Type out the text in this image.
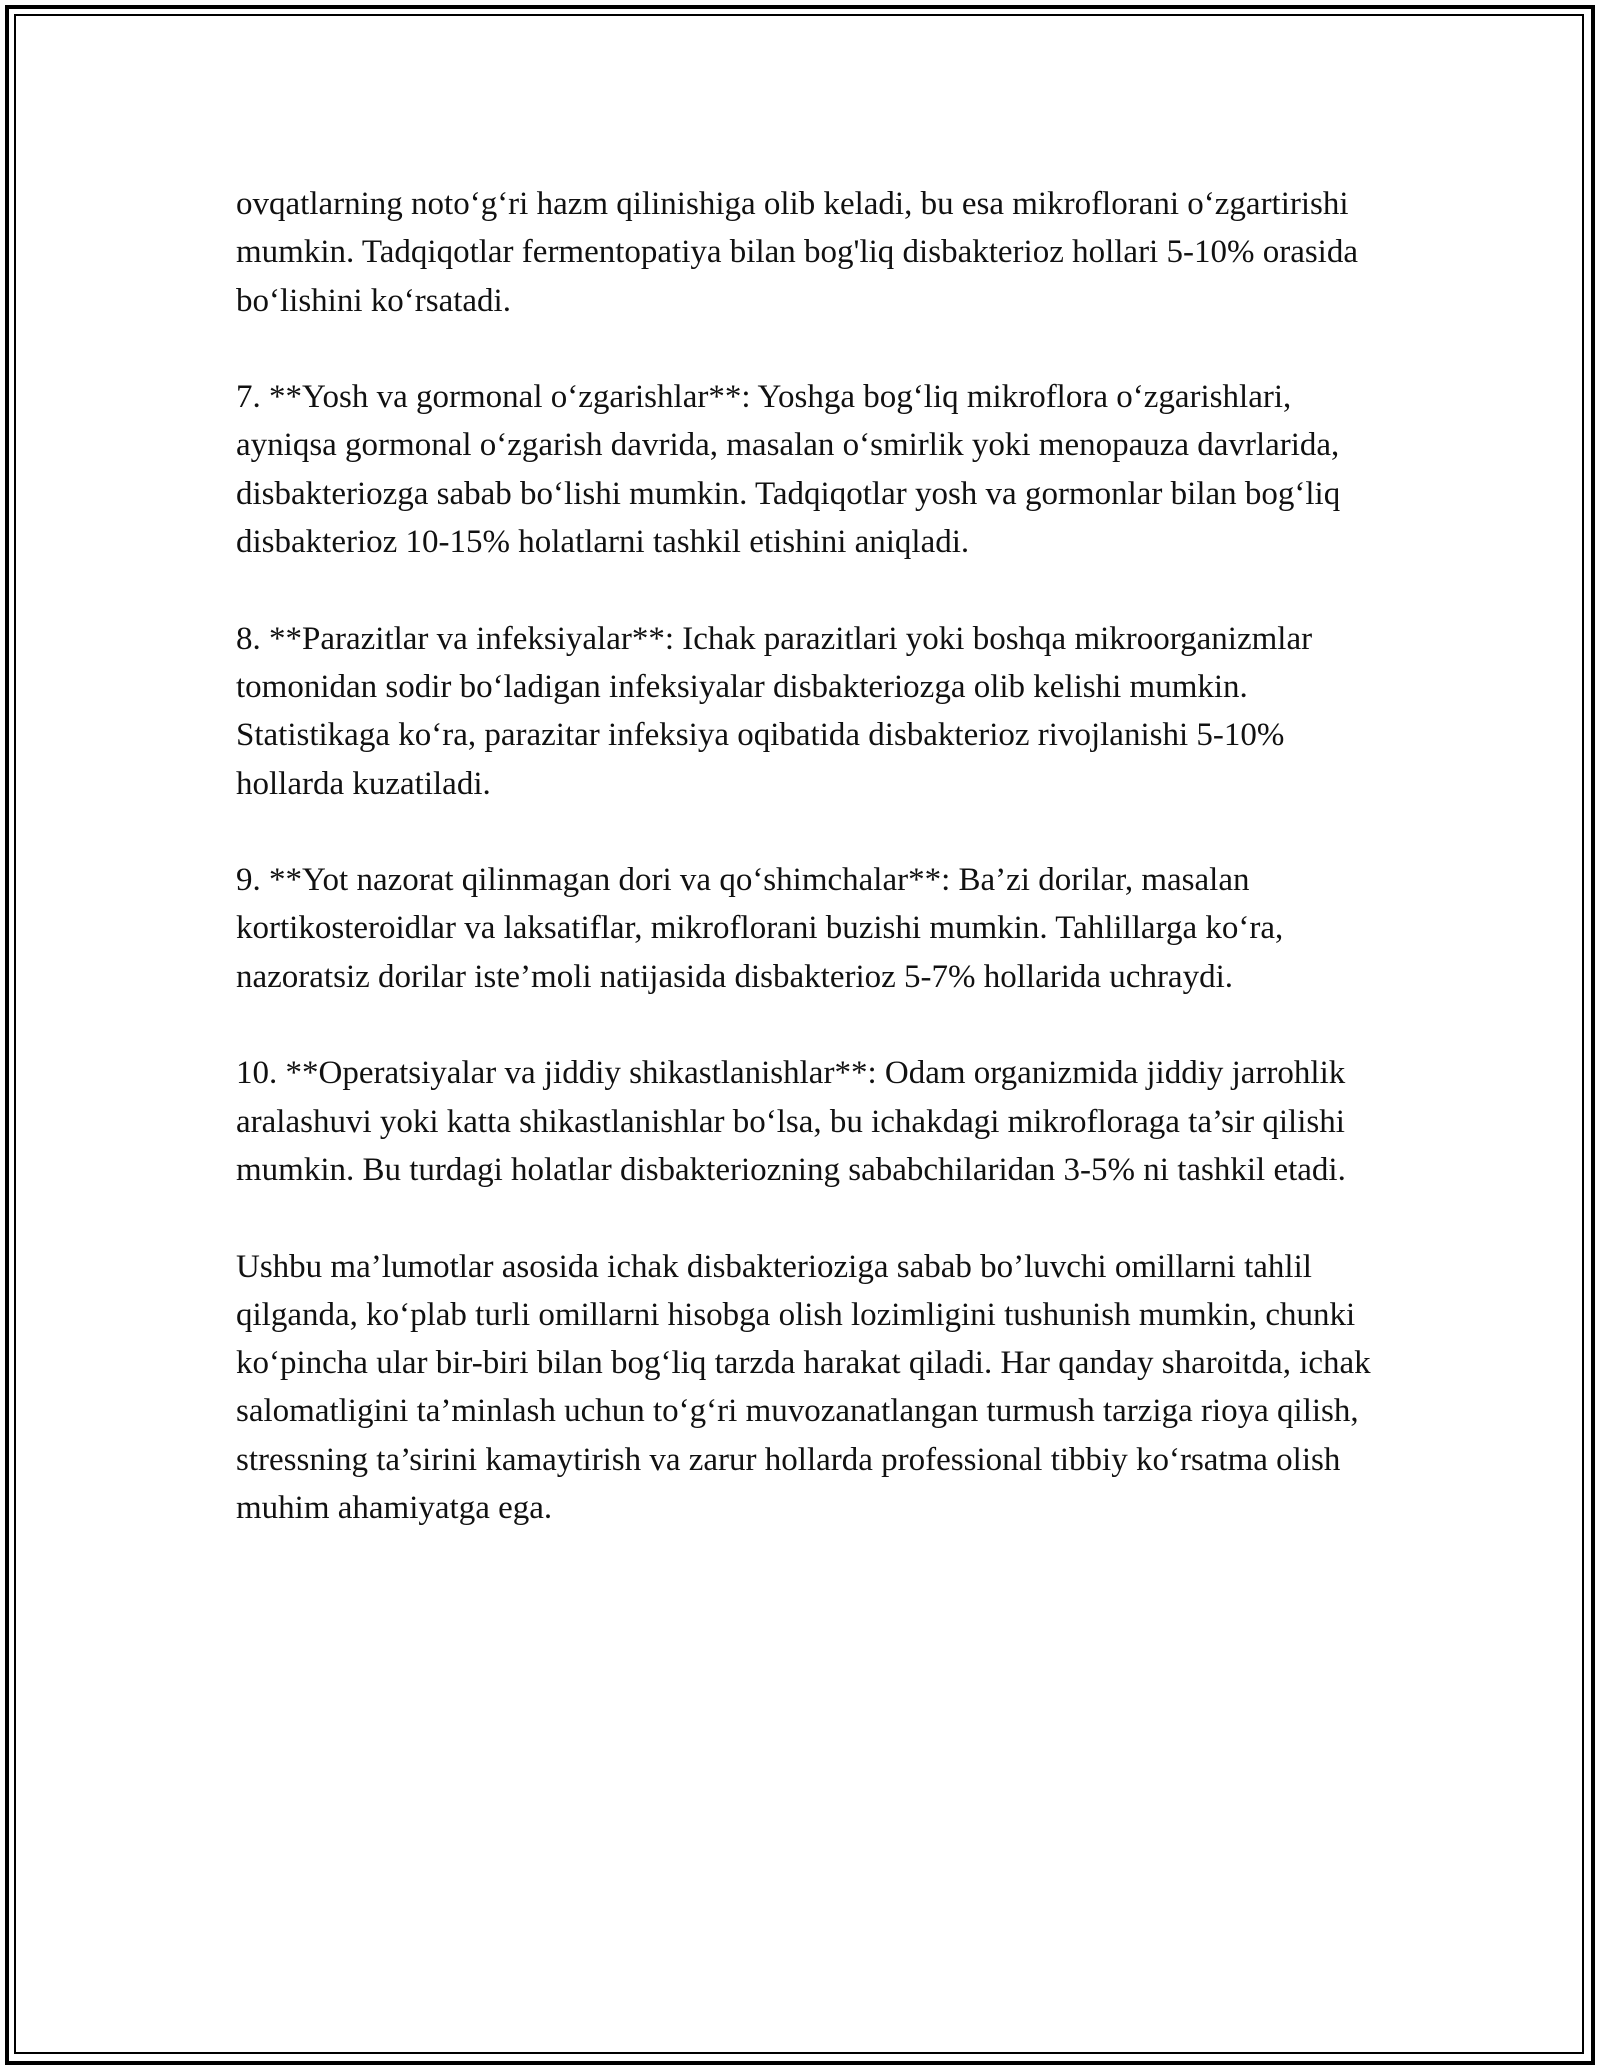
ovqatlarning noto‘g‘ri hazm qilinishiga olib keladi, bu esa mikroflorani o‘zgartirishi mumkin. Tadqiqotlar fermentopatiya bilan bog'liq disbakterioz hollari 5-10% orasida bo‘lishini ko‘rsatadi.

7. **Yosh va gormonal o‘zgarishlar**: Yoshga bog‘liq mikroflora o‘zgarishlari, ayniqsa gormonal o‘zgarish davrida, masalan o‘smirlik yoki menopauza davrlarida, disbakteriozga sabab bo‘lishi mumkin. Tadqiqotlar yosh va gormonlar bilan bog‘liq disbakterioz 10-15% holatlarni tashkil etishini aniqladi.

8. **Parazitlar va infeksiyalar**: Ichak parazitlari yoki boshqa mikroorganizmlar tomonidan sodir bo‘ladigan infeksiyalar disbakteriozga olib kelishi mumkin. Statistikaga ko‘ra, parazitar infeksiya oqibatida disbakterioz rivojlanishi 5-10% hollarda kuzatiladi.

9. **Yot nazorat qilinmagan dori va qo‘shimchalar**: Ba’zi dorilar, masalan kortikosteroidlar va laksatiflar, mikroflorani buzishi mumkin. Tahlillarga ko‘ra, nazoratsiz dorilar iste’moli natijasida disbakterioz 5-7% hollarida uchraydi.

10. **Operatsiyalar va jiddiy shikastlanishlar**: Odam organizmida jiddiy jarrohlik aralashuvi yoki katta shikastlanishlar bo‘lsa, bu ichakdagi mikrofloraga ta’sir qilishi mumkin. Bu turdagi holatlar disbakteriozning sababchilaridan 3-5% ni tashkil etadi.

Ushbu ma’lumotlar asosida ichak disbakterioziga sabab bo’luvchi omillarni tahlil qilganda, ko‘plab turli omillarni hisobga olish lozimligini tushunish mumkin, chunki ko‘pincha ular bir-biri bilan bog‘liq tarzda harakat qiladi. Har qanday sharoitda, ichak salomatligini ta’minlash uchun to‘g‘ri muvozanatlangan turmush tarziga rioya qilish, stressning ta’sirini kamaytirish va zarur hollarda professional tibbiy ko‘rsatma olish muhim ahamiyatga ega.
